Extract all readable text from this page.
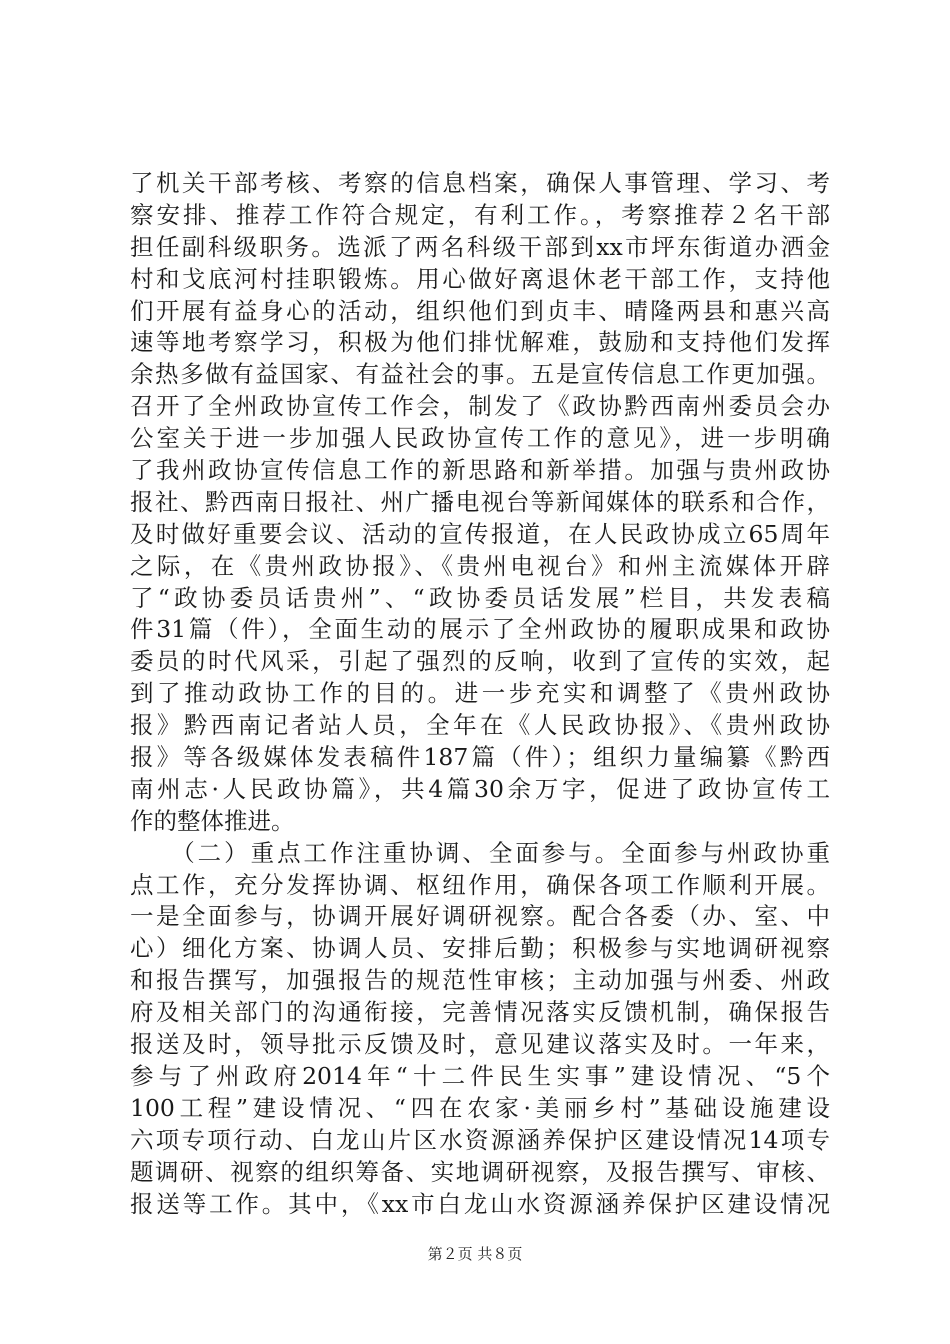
了机关干部考核、考察的信息档案，确保人事管理、学习、考
察安排、推荐工作符合规定，有利工作。，考察推荐２名干部
担任副科级职务。选派了两名科级干部到xx市坪东街道办洒金
村和戈底河村挂职锻炼。用心做好离退休老干部工作，支持他
们开展有益身心的活动，组织他们到贞丰、晴隆两县和惠兴高
速等地考察学习，积极为他们排忧解难，鼓励和支持他们发挥
余热多做有益国家、有益社会的事。五是宣传信息工作更加强。
召开了全州政协宣传工作会，制发了《政协黔西南州委员会办
公室关于进一步加强人民政协宣传工作的意见》，进一步明确
了我州政协宣传信息工作的新思路和新举措。加强与贵州政协
报社、黔西南日报社、州广播电视台等新闻媒体的联系和合作，
及时做好重要会议、活动的宣传报道，在人民政协成立65周年
之际，在《贵州政协报》、《贵州电视台》和州主流媒体开辟
了“政协委员话贵州”、“政协委员话发展”栏目，共发表稿
件31篇（件），全面生动的展示了全州政协的履职成果和政协
委员的时代风采，引起了强烈的反响，收到了宣传的实效，起
到了推动政协工作的目的。进一步充实和调整了《贵州政协
报》黔西南记者站人员，全年在《人民政协报》、《贵州政协
报》等各级媒体发表稿件187篇（件）；组织力量编纂《黔西
南州志·人民政协篇》，共4篇30余万字，促进了政协宣传工
作的整体推进。
　　（二）重点工作注重协调、全面参与。全面参与州政协重
点工作，充分发挥协调、枢纽作用，确保各项工作顺利开展。
一是全面参与，协调开展好调研视察。配合各委（办、室、中
心）细化方案、协调人员、安排后勤；积极参与实地调研视察
和报告撰写，加强报告的规范性审核；主动加强与州委、州政
府及相关部门的沟通衔接，完善情况落实反馈机制，确保报告
报送及时，领导批示反馈及时，意见建议落实及时。一年来，
参与了州政府2014年“十二件民生实事”建设情况、“5个
100工程”建设情况、“四在农家·美丽乡村”基础设施建设
六项专项行动、白龙山片区水资源涵养保护区建设情况14项专
题调研、视察的组织筹备、实地调研视察，及报告撰写、审核、
报送等工作。其中，《xx市白龙山水资源涵养保护区建设情况
第２页 共８页
